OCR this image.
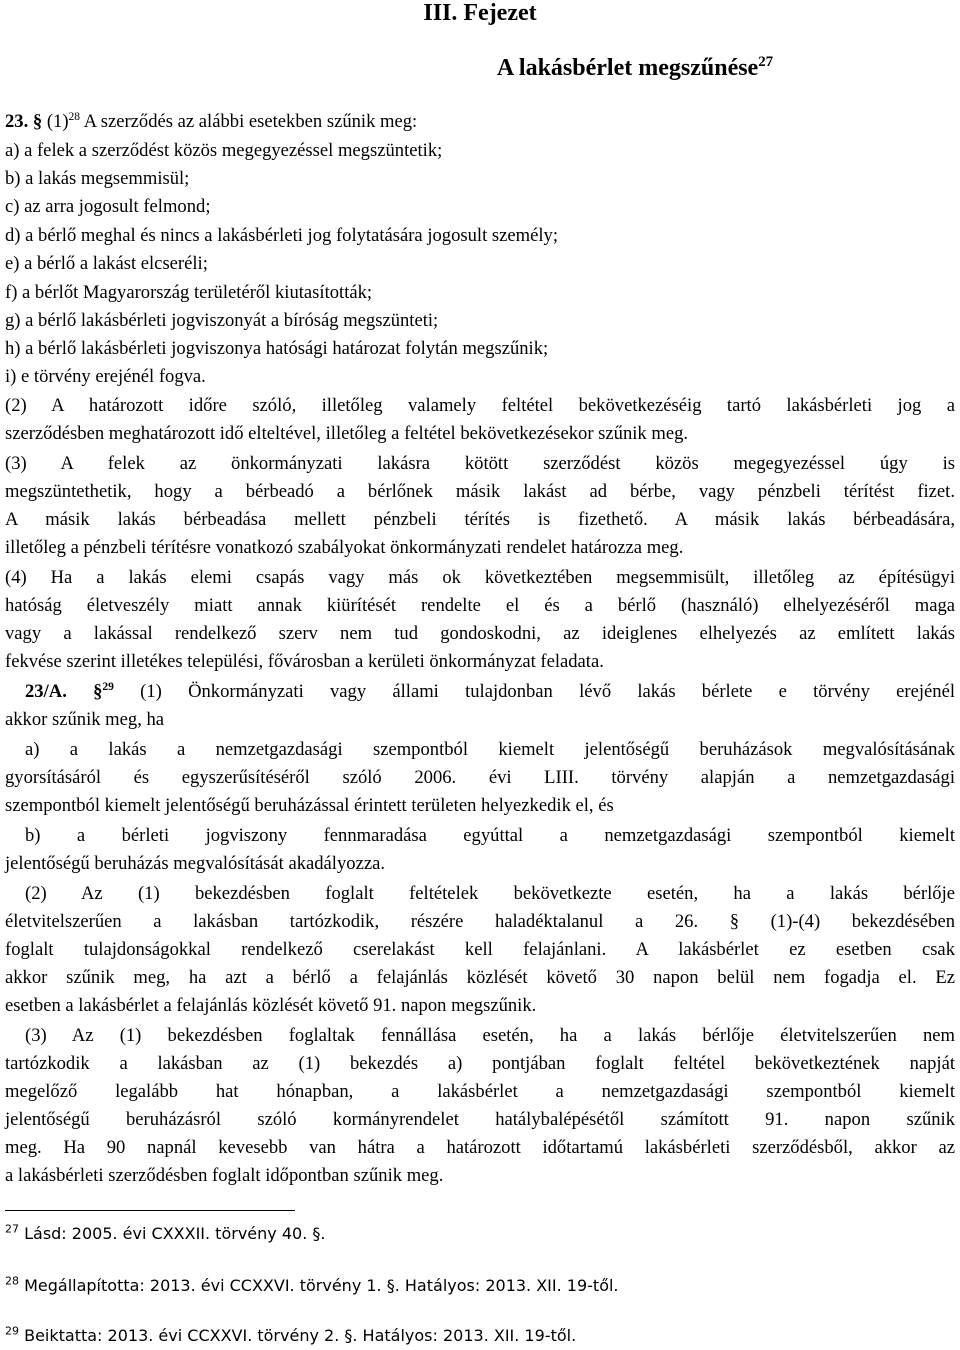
III. Fejezet
A lakásbérlet megszűnése$^{27}$
23. § $(1)^{28}$ A szerződés az alábbi esetekben szűnik meg:
a) a felek a szerződést közös megegyezéssel megszüntetik;
b) a lakás megsemmisül;
c) az arra jogosult felmond;
d) a bérlő meghal és nincs a lakásbérleti jog folytatására jogosult személy;
e) a bérlő a lakást elcseréli;
f) a bérlőt Magyarország területéről kiutasították;
g) a bérlő lakásbérleti jogviszonyát a bíróság megszünteti;
h) a bérlő lakásbérleti jogviszonya hatósági határozat folytán megszűnik;
i) e törvény erejénél fogva.
(2) A határozott időre szóló, illetőleg valamely feltétel bekövetkezéséig tartó lakásbérleti jog a
szerződésben meghatározott idő elteltével, illetőleg a feltétel bekövetkezésekor szűnik meg.
(3) A felek az önkormányzati lakásra kötött szerződést közös megegyezéssel úgy is
megszüntethetik, hogy a bérbeadó a bérlőnek másik lakást ad bérbe, vagy pénzbeli térítést fizet.
A másik lakás bérbeadása mellett pénzbeli térítés is fizethető. A másik lakás bérbeadására,
illetőleg a pénzbeli térítésre vonatkozó szabályokat önkormányzati rendelet határozza meg.
(4) Ha a lakás elemi csapás vagy más ok következtében megsemmisült, illetőleg az építésügyi
hatóság életveszély miatt annak kiürítését rendelte el és a bérlő (használó) elhelyezéséről maga
vagy a lakással rendelkező szerv nem tud gondoskodni, az ideiglenes elhelyezés az említett lakás
fekvése szerint illetékes települési, fővárosban a kerületi önkormányzat feladata.
23/A. §$^{29}$ (1) Önkormányzati vagy állami tulajdonban lévő lakás bérlete e törvény erejénél
akkor szűnik meg, ha
a) a lakás a nemzetgazdasági szempontból kiemelt jelentőségű beruházások megvalósításának
gyorsításáról és egyszerűsítéséről szóló 2006. évi LIII. törvény alapján a nemzetgazdasági
szempontból kiemelt jelentőségű beruházással érintett területen helyezkedik el, és
b) a bérleti jogviszony fennmaradása egyúttal a nemzetgazdasági szempontból kiemelt
jelentőségű beruházás megvalósítását akadályozza.
(2) Az (1) bekezdésben foglalt feltételek bekövetkezte esetén, ha a lakás bérlője
életvitelszerűen a lakásban tartózkodik, részére haladéktalanul a 26. § (1)-(4) bekezdésében
foglalt tulajdonságokkal rendelkező cserelakást kell felajánlani. A lakásbérlet ez esetben csak
akkor szűnik meg, ha azt a bérlő a felajánlás közlését követő 30 napon belül nem fogadja el. Ez
esetben a lakásbérlet a felajánlás közlését követő 91. napon megszűnik.
(3) Az (1) bekezdésben foglaltak fennállása esetén, ha a lakás bérlője életvitelszerűen nem
tartózkodik a lakásban az (1) bekezdés a) pontjában foglalt feltétel bekövetkeztének napját
megelőző legalább hat hónapban, a lakásbérlet a nemzetgazdasági szempontból kiemelt
jelentőségű beruházásról szóló kormányrendelet hatálybalépésétől számított 91. napon szűnik
meg. Ha 90 napnál kevesebb van hátra a határozott időtartamú lakásbérleti szerződésből, akkor az
a lakásbérleti szerződésben foglalt időpontban szűnik meg.
$^{27}$ Lásd: 2005. évi CXXXII. törvény 40. §.
$^{28}$ Megállapította: 2013. évi CCXXVI. törvény 1. §. Hatályos: 2013. XII. 19-től.
$^{29}$ Beiktatta: 2013. évi CCXXVI. törvény 2. §. Hatályos: 2013. XII. 19-től.
